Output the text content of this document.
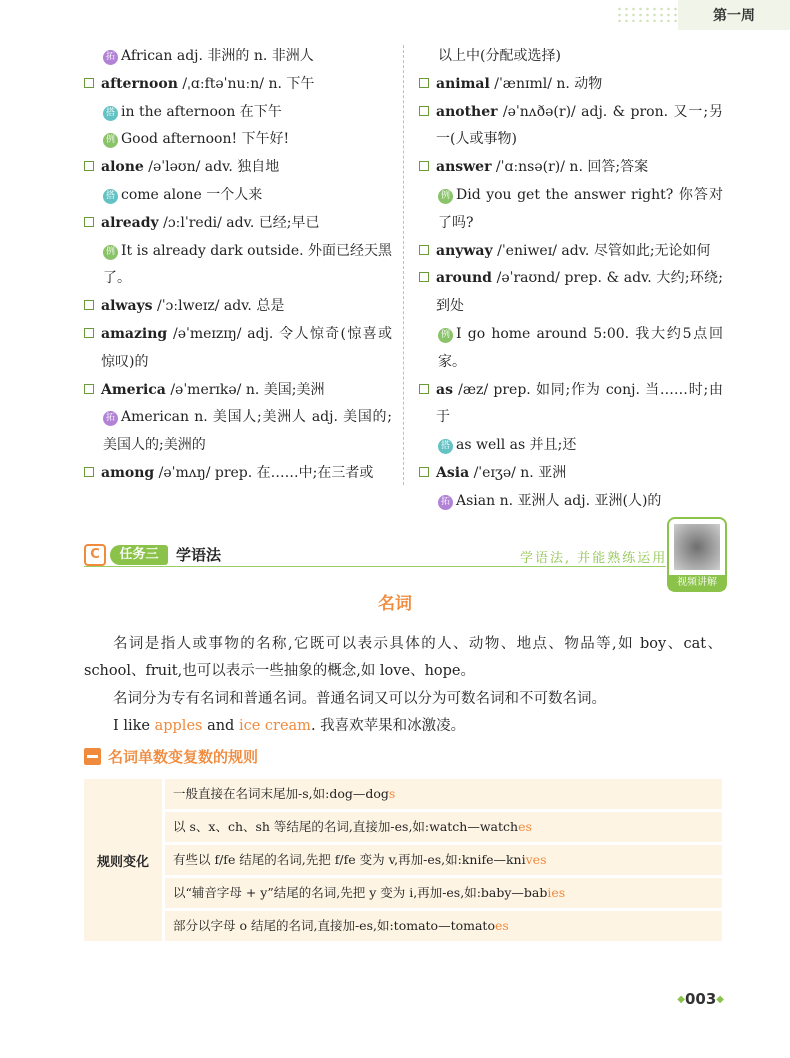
第一周

拓 African adj. 非洲的 n. 非洲人

afternoon /ˌɑːftəˈnuːn/ n. 下午

搭 in the afternoon 在下午

例 Good afternoon! 下午好!

alone /əˈləʊn/ adv. 独自地

搭 come alone 一个人来

already /ɔːlˈredi/ adv. 已经;早已

例 It is already dark outside. 外面已经天黑了。

always /ˈɔːlweɪz/ adv. 总是

amazing /əˈmeɪzɪŋ/ adj. 令人惊奇(惊喜或惊叹)的

America /əˈmerɪkə/ n. 美国;美洲

拓 American n. 美国人;美洲人 adj. 美国的;美国人的;美洲的

among /əˈmʌŋ/ prep. 在……中;在三者或

以上中(分配或选择)

animal /ˈænɪml/ n. 动物

another /əˈnʌðə(r)/ adj. & pron. 又一;另一(人或事物)

answer /ˈɑːnsə(r)/ n. 回答;答案

例 Did you get the answer right? 你答对了吗?

anyway /ˈeniweɪ/ adv. 尽管如此;无论如何

around /əˈraʊnd/ prep. & adv. 大约;环绕;到处

例 I go home around 5:00. 我大约5点回家。

as /æz/ prep. 如同;作为 conj. 当……时;由于

搭 as well as 并且;还

Asia /ˈeɪʒə/ n. 亚洲

拓 Asian n. 亚洲人 adj. 亚洲(人)的

C	任务三	学语法	学语法, 并能熟练运用
视频讲解
名词

名词是指人或事物的名称,它既可以表示具体的人、动物、地点、物品等,如 boy、cat、school、fruit,也可以表示一些抽象的概念,如 love、hope。

名词分为专有名词和普通名词。普通名词又可以分为可数名词和不可数名词。

I like apples and ice cream. 我喜欢苹果和冰激凌。

名词单数变复数的规则
规则变化
一般直接在名词末尾加-s,如:dog—dogs
以 s、x、ch、sh 等结尾的名词,直接加-es,如:watch—watches
有些以 f/fe 结尾的名词,先把 f/fe 变为 v,再加-es,如:knife—knives
以“辅音字母 + y”结尾的名词,先把 y 变为 i,再加-es,如:baby—babies
部分以字母 o 结尾的名词,直接加-es,如:tomato—tomatoes
◆003◆
